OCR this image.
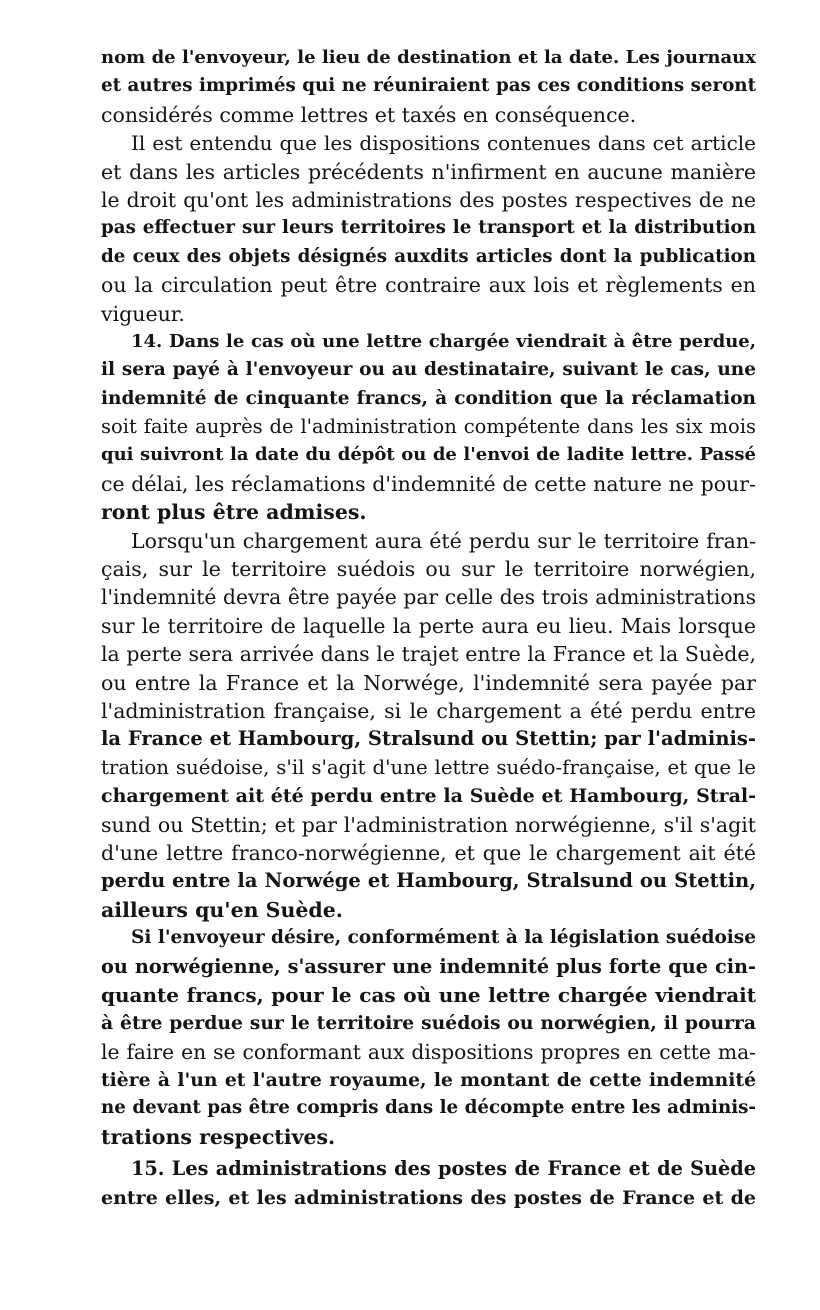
nom de l'envoyeur, le lieu de destination et la date. Les journaux
et autres imprimés qui ne réuniraient pas ces conditions seront
considérés comme lettres et taxés en conséquence.
Il est entendu que les dispositions contenues dans cet article
et dans les articles précédents n'infirment en aucune manière
le droit qu'ont les administrations des postes respectives de ne
pas effectuer sur leurs territoires le transport et la distribution
de ceux des objets désignés auxdits articles dont la publication
ou la circulation peut être contraire aux lois et règlements en
vigueur.
14. Dans le cas où une lettre chargée viendrait à être perdue,
il sera payé à l'envoyeur ou au destinataire, suivant le cas, une
indemnité de cinquante francs, à condition que la réclamation
soit faite auprès de l'administration compétente dans les six mois
qui suivront la date du dépôt ou de l'envoi de ladite lettre. Passé
ce délai, les réclamations d'indemnité de cette nature ne pour-
ront plus être admises.
Lorsqu'un chargement aura été perdu sur le territoire fran-
çais, sur le territoire suédois ou sur le territoire norwégien,
l'indemnité devra être payée par celle des trois administrations
sur le territoire de laquelle la perte aura eu lieu. Mais lorsque
la perte sera arrivée dans le trajet entre la France et la Suède,
ou entre la France et la Norwége, l'indemnité sera payée par
l'administration française, si le chargement a été perdu entre
la France et Hambourg, Stralsund ou Stettin; par l'adminis-
tration suédoise, s'il s'agit d'une lettre suédo-française, et que le
chargement ait été perdu entre la Suède et Hambourg, Stral-
sund ou Stettin; et par l'administration norwégienne, s'il s'agit
d'une lettre franco-norwégienne, et que le chargement ait été
perdu entre la Norwége et Hambourg, Stralsund ou Stettin,
ailleurs qu'en Suède.
Si l'envoyeur désire, conformément à la législation suédoise
ou norwégienne, s'assurer une indemnité plus forte que cin-
quante francs, pour le cas où une lettre chargée viendrait
à être perdue sur le territoire suédois ou norwégien, il pourra
le faire en se conformant aux dispositions propres en cette ma-
tière à l'un et l'autre royaume, le montant de cette indemnité
ne devant pas être compris dans le décompte entre les adminis-
trations respectives.
15. Les administrations des postes de France et de Suède
entre elles, et les administrations des postes de France et de
